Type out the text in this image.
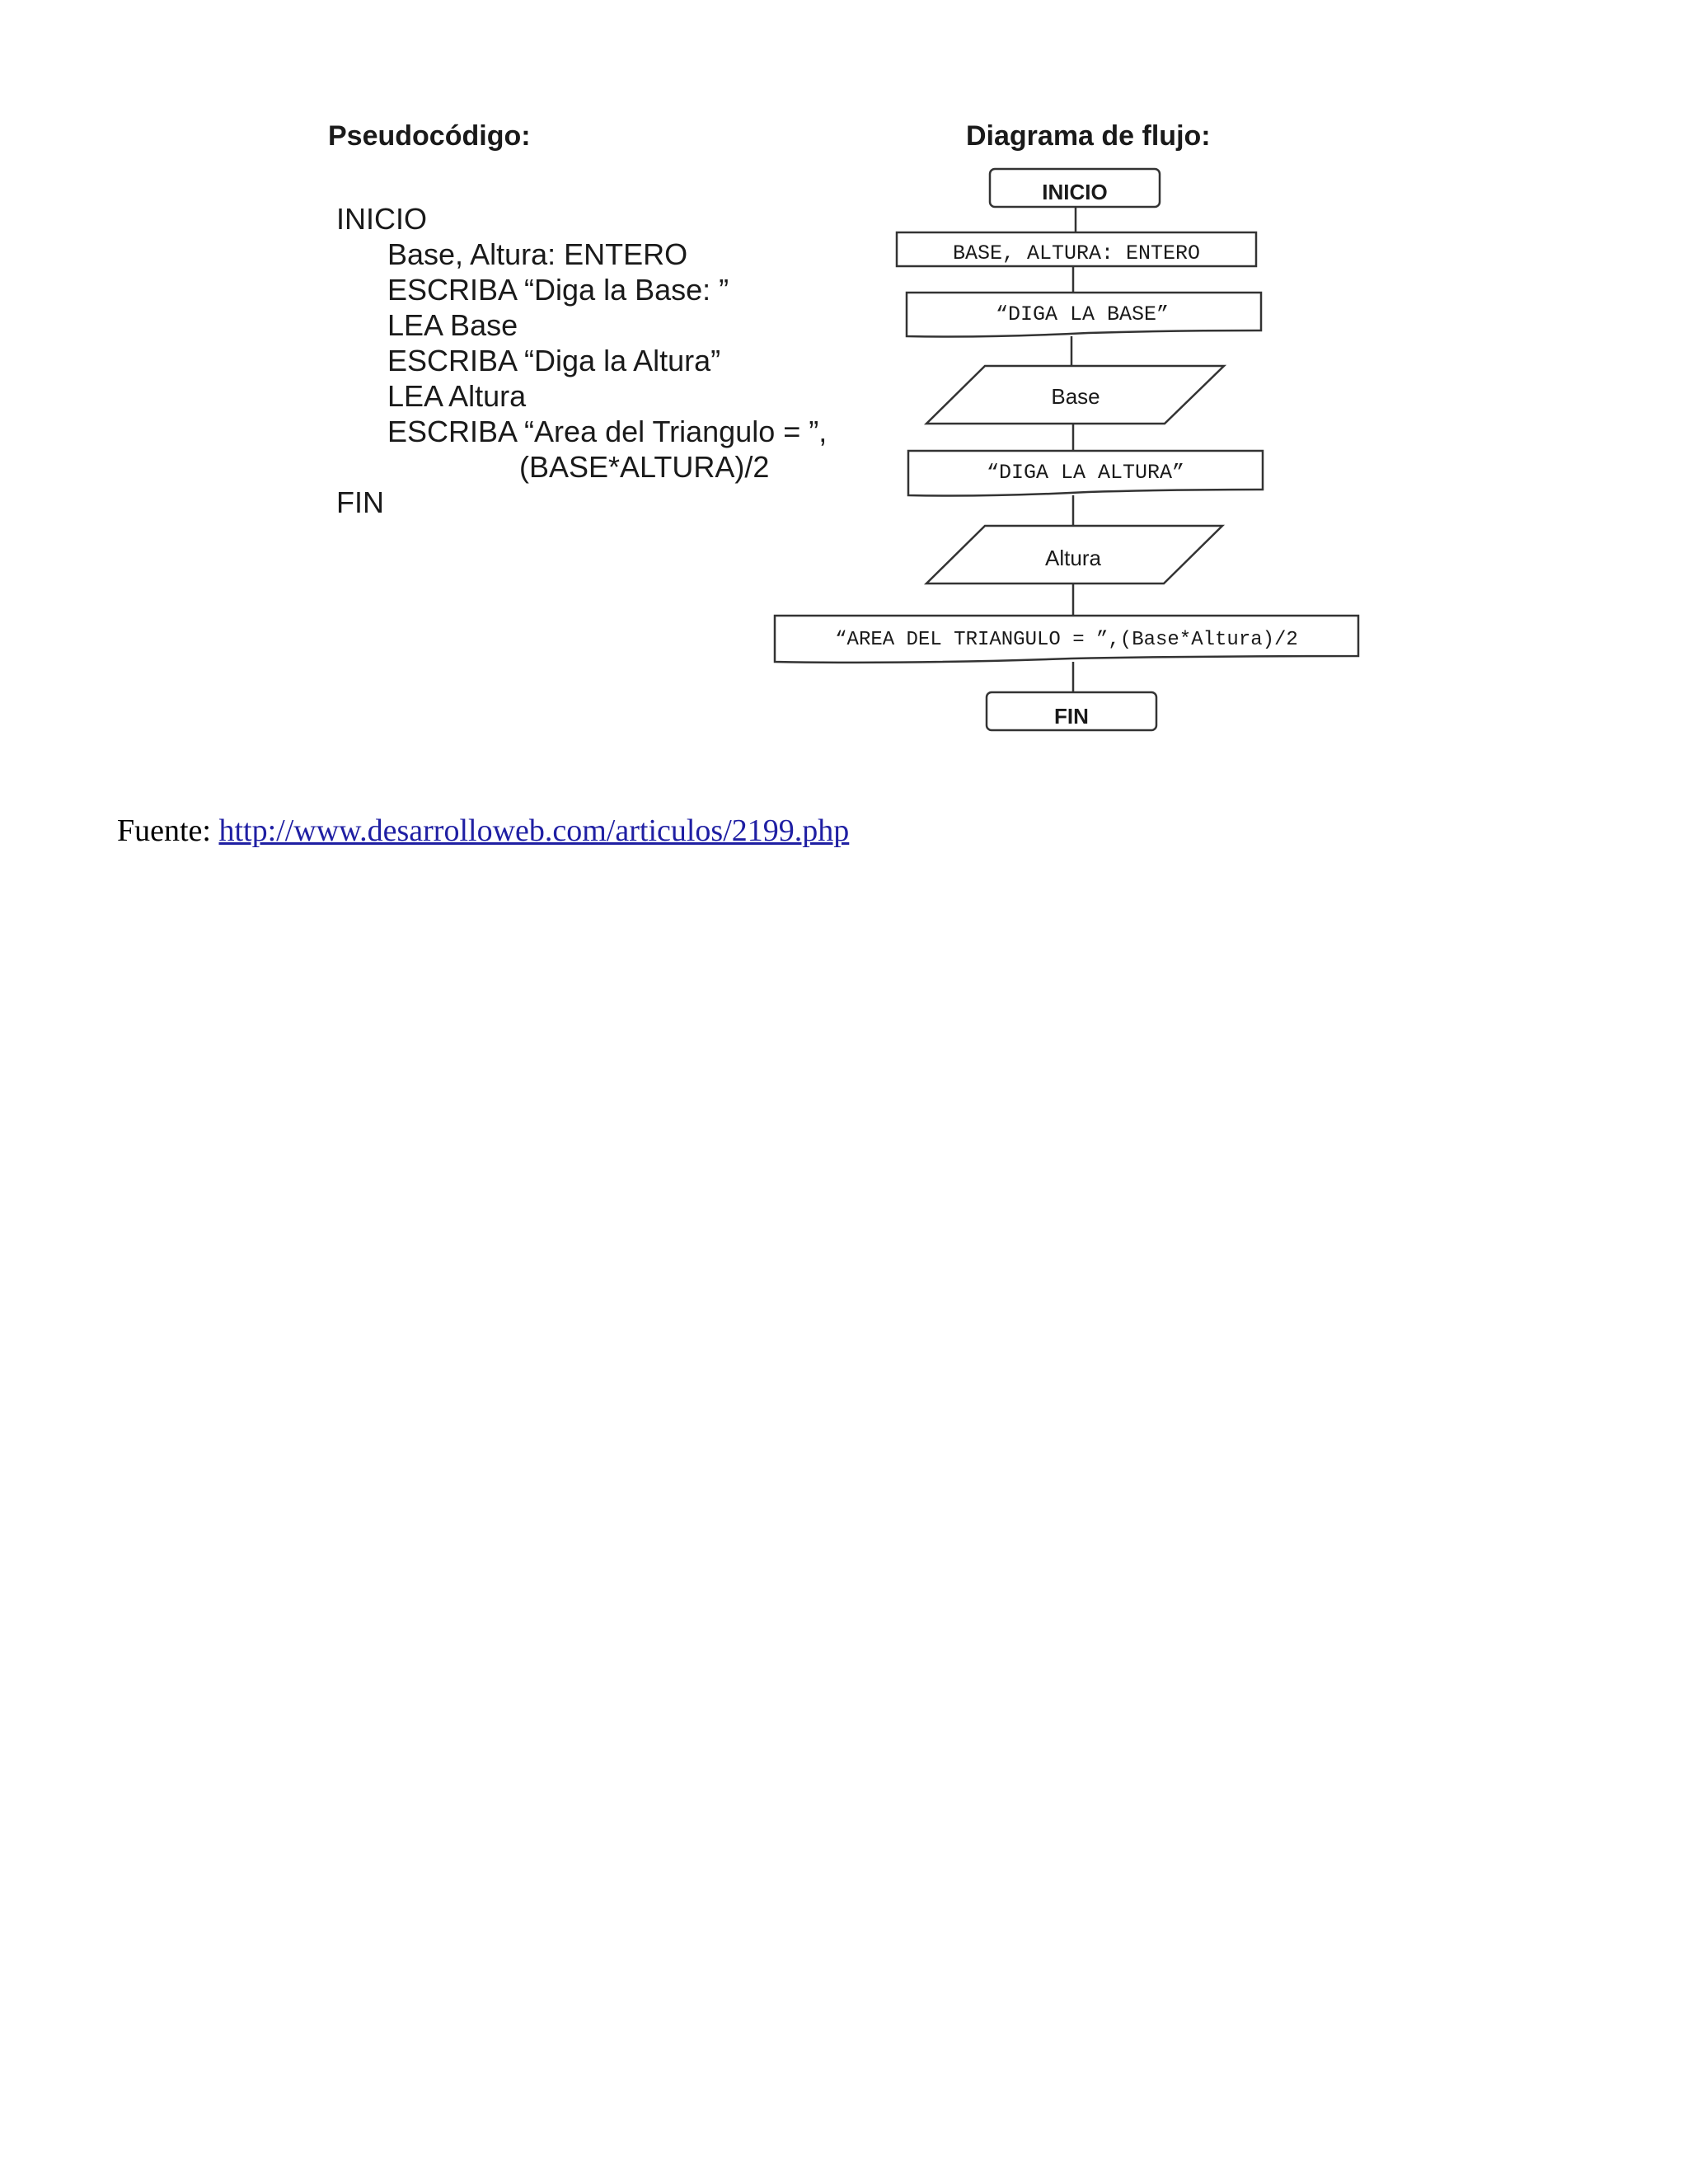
Pseudocódigo:
INICIO
Base, Altura: ENTERO
ESCRIBA “Diga la Base: ”
LEA Base
ESCRIBA “Diga la Altura”
LEA Altura
ESCRIBA “Area del Triangulo = ”,
(BASE*ALTURA)/2
FIN
Diagrama de flujo:
INICIO
BASE, ALTURA: ENTERO
“DIGA LA BASE”
Base
“DIGA LA ALTURA”
Altura
“AREA DEL TRIANGULO = ”,(Base*Altura)/2
FIN
Fuente: http://www.desarrolloweb.com/articulos/2199.php
